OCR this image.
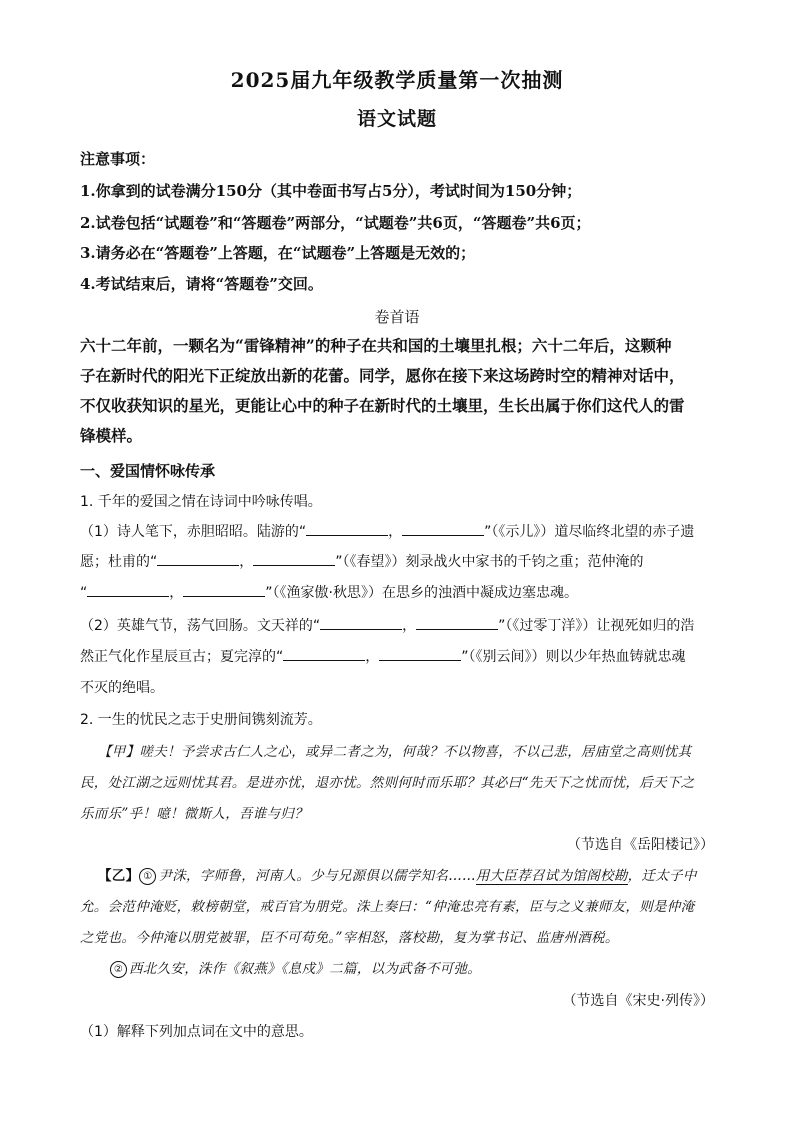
2025届九年级教学质量第一次抽测
语文试题
注意事项：
1.你拿到的试卷满分150分（其中卷面书写占5分），考试时间为150分钟；
2.试卷包括“试题卷”和“答题卷”两部分，“试题卷”共6页，“答题卷”共6页；
3.请务必在“答题卷”上答题，在“试题卷”上答题是无效的；
4.考试结束后，请将“答题卷”交回。
卷首语
六十二年前，一颗名为“雷锋精神”的种子在共和国的土壤里扎根；六十二年后，这颗种
子在新时代的阳光下正绽放出新的花蕾。同学，愿你在接下来这场跨时空的精神对话中，
不仅收获知识的星光，更能让心中的种子在新时代的土壤里，生长出属于你们这代人的雷
锋模样。
一、爱国情怀咏传承
1. 千年的爱国之情在诗词中吟咏传唱。
（1）诗人笔下，赤胆昭昭。陆游的“	，	”（《示儿》）道尽临终北望的赤子遗
愿；杜甫的“	，	”（《春望》）刻录战火中家书的千钧之重；范仲淹的
“	，	”（《渔家傲·秋思》）在思乡的浊酒中凝成边塞忠魂。
（2）英雄气节，荡气回肠。文天祥的“	，	”（《过零丁洋》）让视死如归的浩
然正气化作星辰亘古；夏完淳的“	，	”（《别云间》）则以少年热血铸就忠魂
不灭的绝唱。
2. 一生的忧民之志于史册间镌刻流芳。
【甲】嗟夫！予尝求古仁人之心，或异二者之为，何哉？不以物喜，不以己悲，居庙堂之高则忧其
民，处江湖之远则忧其君。是进亦忧，退亦忧。然则何时而乐耶？其必曰“先天下之忧而忧，后天下之
乐而乐”乎！噫！微斯人，吾谁与归？
（节选自《岳阳楼记》）
【乙】 ① 尹洙，字师鲁，河南人。少与兄源俱以儒学知名……用大臣荐召试为馆阁校勘，迁太子中
允。会范仲淹贬，敕榜朝堂，戒百官为朋党。洙上奏曰：“仲淹忠亮有素，臣与之义兼师友，则是仲淹
之党也。今仲淹以朋党被罪，臣不可苟免。”宰相怒，落校勘，复为掌书记、监唐州酒税。
② 西北久安，洙作《叙燕》《息戍》二篇，以为武备不可弛。
（节选自《宋史·列传》）
（1）解释下列加点词在文中的意思。
